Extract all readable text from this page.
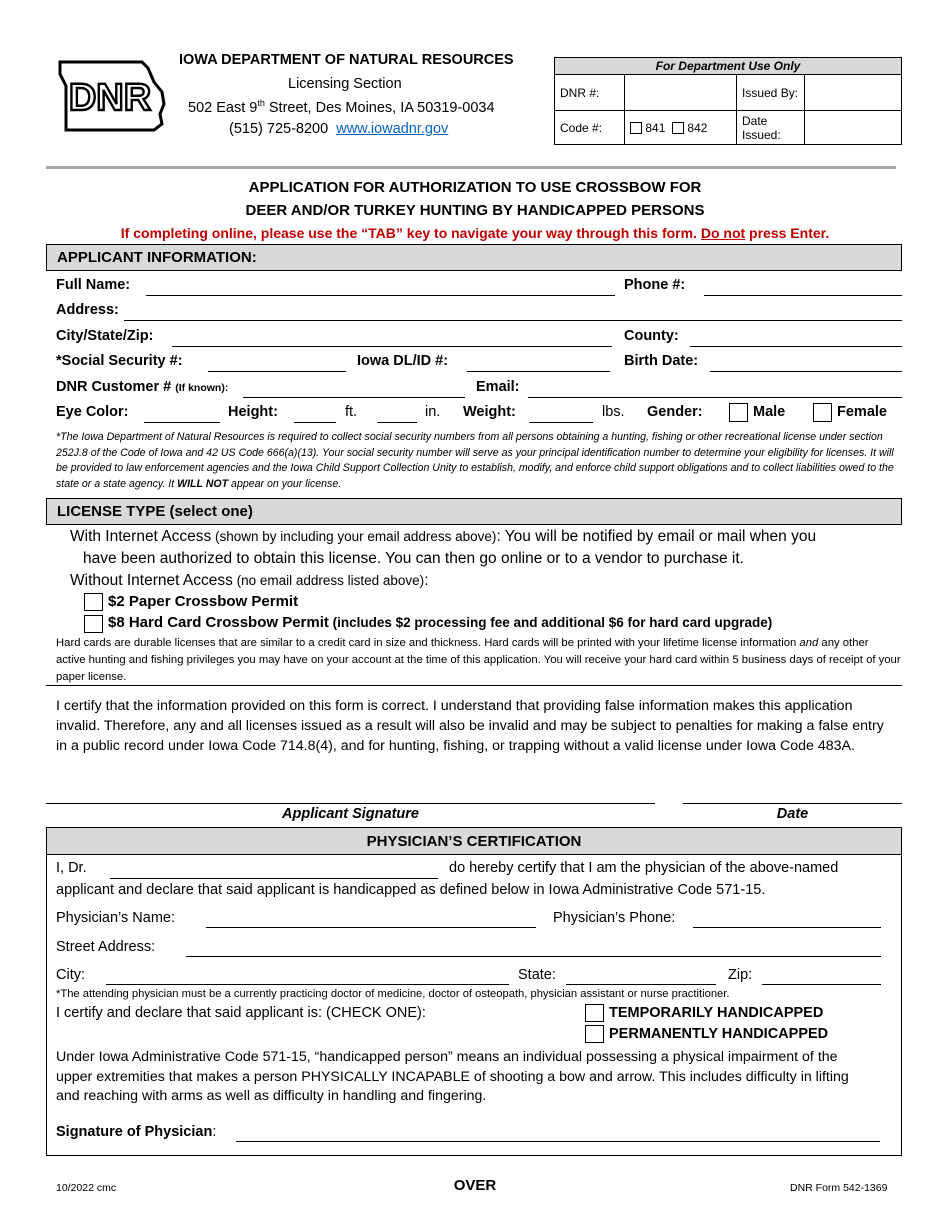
DNR
IOWA DEPARTMENT OF NATURAL RESOURCES
Licensing Section
502 East 9th Street, Des Moines, IA 50319-0034
(515) 725-8200 www.iowadnr.gov
For Department Use Only			
DNR #:		Issued By:	
Code #:	841 842	Date Issued:	
APPLICATION FOR AUTHORIZATION TO USE CROSSBOW FOR
DEER AND/OR TURKEY HUNTING BY HANDICAPPED PERSONS
If completing online, please use the “TAB” key to navigate your way through this form. Do not press Enter.
APPLICANT INFORMATION:
Full Name:	Phone #:
Address:
City/State/Zip:	County:
*Social Security #:	Iowa DL/ID #:	Birth Date:
DNR Customer # (If known):	Email:
Eye Color:	Height:	ft.	in. Weight:	lbs. Gender:	Male	Female
*The Iowa Department of Natural Resources is required to collect social security numbers from all persons obtaining a hunting, fishing or other recreational license under section 252J.8 of the Code of Iowa and 42 US Code 666(a)(13). Your social security number will serve as your principal identification number to determine your eligibility for licenses. It will be provided to law enforcement agencies and the Iowa Child Support Collection Unity to establish, modify, and enforce child support obligations and to collect liabilities owed to the state or a state agency. It WILL NOT appear on your license.
LICENSE TYPE (select one)
With Internet Access (shown by including your email address above): You will be notified by email or mail when you
have been authorized to obtain this license. You can then go online or to a vendor to purchase it.
Without Internet Access (no email address listed above):
$2 Paper Crossbow Permit
$8 Hard Card Crossbow Permit (includes $2 processing fee and additional $6 for hard card upgrade)
Hard cards are durable licenses that are similar to a credit card in size and thickness. Hard cards will be printed with your lifetime license information and any other active hunting and fishing privileges you may have on your account at the time of this application. You will receive your hard card within 5 business days of receipt of your paper license.
I certify that the information provided on this form is correct. I understand that providing false information makes this application invalid. Therefore, any and all licenses issued as a result will also be invalid and may be subject to penalties for making a false entry in a public record under Iowa Code 714.8(4), and for hunting, fishing, or trapping without a valid license under Iowa Code 483A.
Applicant Signature	Date
PHYSICIAN’S CERTIFICATION
I, Dr.	do hereby certify that I am the physician of the above-named
applicant and declare that said applicant is handicapped as defined below in Iowa Administrative Code 571-15.
Physician’s Name:	Physician’s Phone:
Street Address:
City:	State:	Zip:
*The attending physician must be a currently practicing doctor of medicine, doctor of osteopath, physician assistant or nurse practitioner.
I certify and declare that said applicant is: (CHECK ONE):	TEMPORARILY HANDICAPPED
PERMANENTLY HANDICAPPED
Under Iowa Administrative Code 571-15, “handicapped person” means an individual possessing a physical impairment of the upper extremities that makes a person PHYSICALLY INCAPABLE of shooting a bow and arrow. This includes difficulty in lifting and reaching with arms as well as difficulty in handling and fingering.
Signature of Physician:
10/2022 cmc	OVER	DNR Form 542-1369
